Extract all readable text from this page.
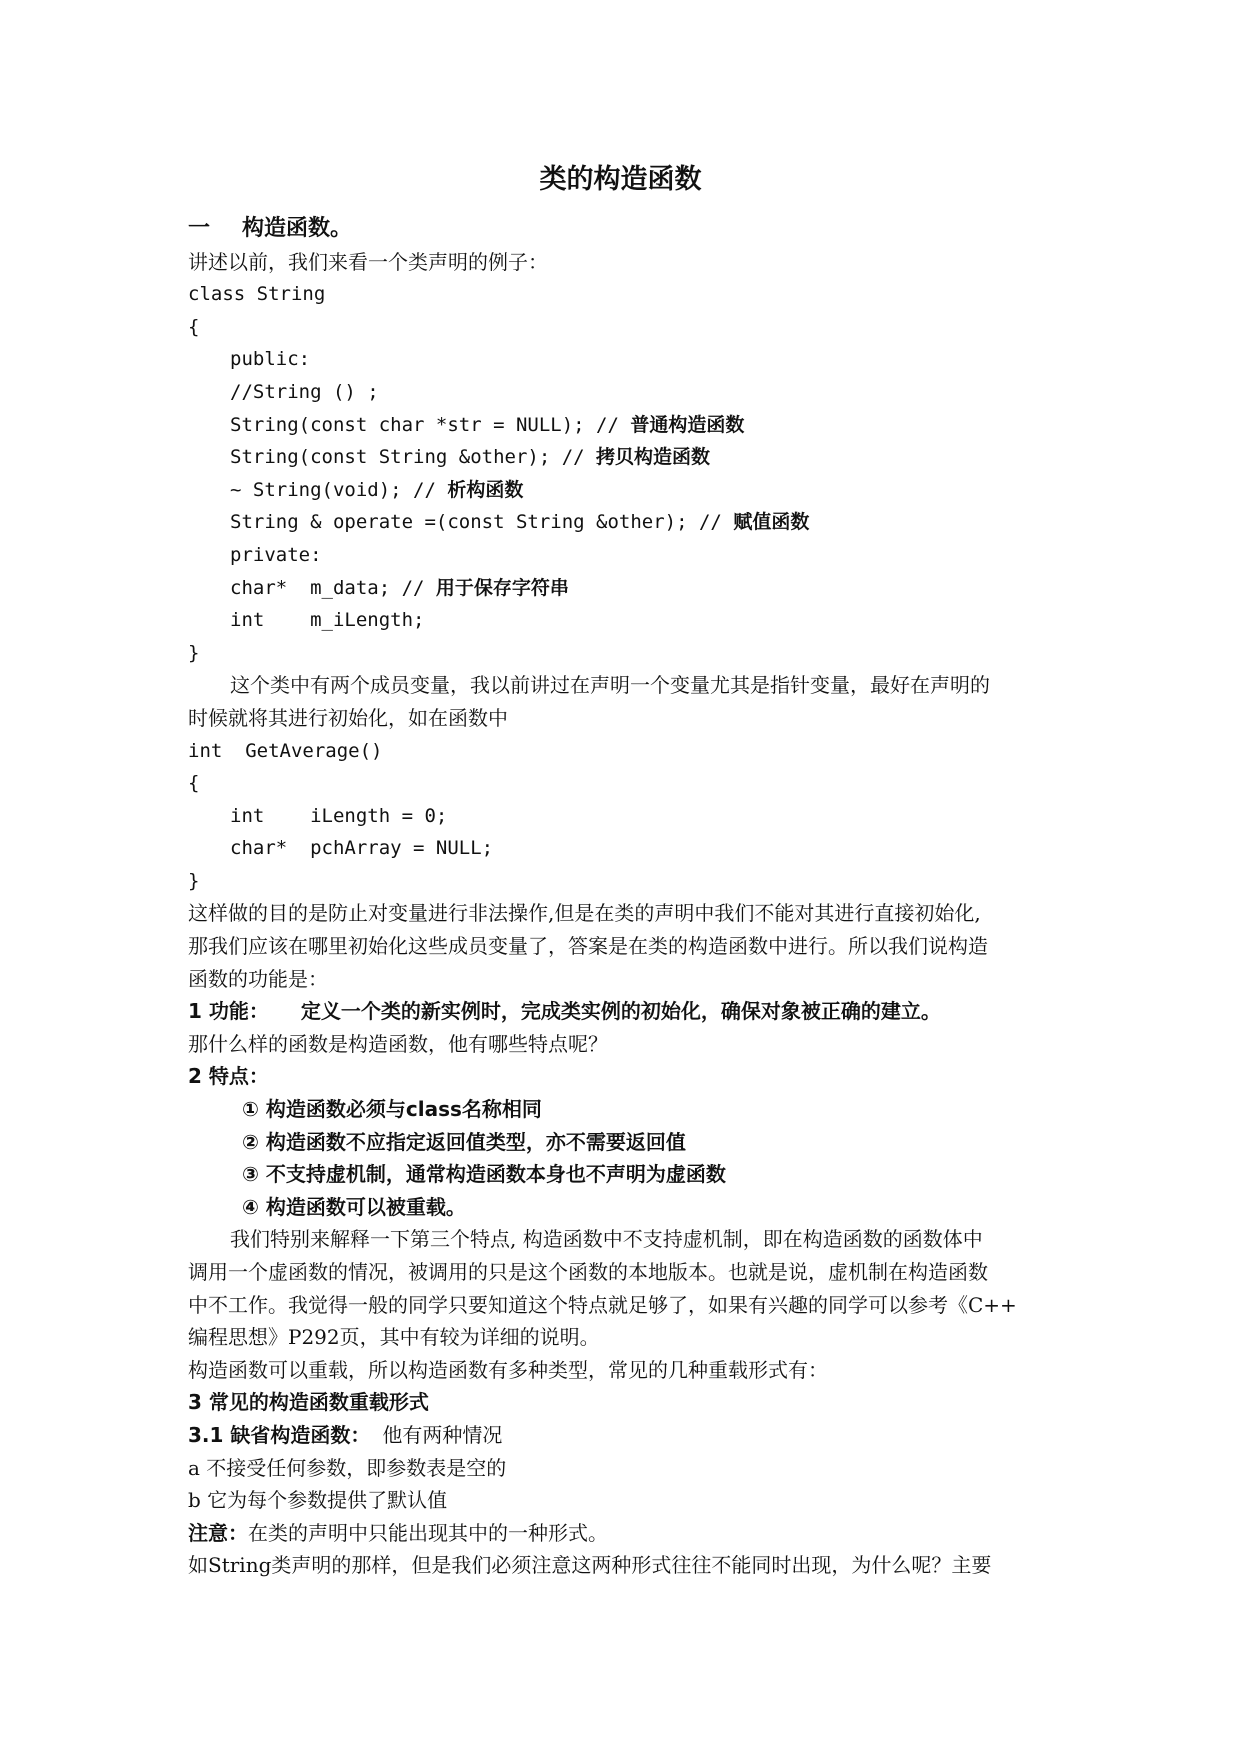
类的构造函数
一 构造函数。
讲述以前，我们来看一个类声明的例子：
class String
{
public:
//String () ;
String(const char *str = NULL); // 普通构造函数
String(const String &other); // 拷贝构造函数
~ String(void); // 析构函数
String & operate =(const String &other); // 赋值函数
private:
char*  m_data; // 用于保存字符串
int    m_iLength;
}
这个类中有两个成员变量，我以前讲过在声明一个变量尤其是指针变量，最好在声明的
时候就将其进行初始化，如在函数中
int  GetAverage()
{
int    iLength = 0;
char*  pchArray = NULL;
}
这样做的目的是防止对变量进行非法操作,但是在类的声明中我们不能对其进行直接初始化,
那我们应该在哪里初始化这些成员变量了，答案是在类的构造函数中进行。所以我们说构造
函数的功能是：
1 功能： 定义一个类的新实例时，完成类实例的初始化，确保对象被正确的建立。
那什么样的函数是构造函数，他有哪些特点呢？
2 特点：
① 构造函数必须与class名称相同
② 构造函数不应指定返回值类型，亦不需要返回值
③ 不支持虚机制，通常构造函数本身也不声明为虚函数
④ 构造函数可以被重载。
我们特别来解释一下第三个特点, 构造函数中不支持虚机制，即在构造函数的函数体中
调用一个虚函数的情况，被调用的只是这个函数的本地版本。也就是说，虚机制在构造函数
中不工作。我觉得一般的同学只要知道这个特点就足够了，如果有兴趣的同学可以参考《C++
编程思想》P292页，其中有较为详细的说明。
构造函数可以重载，所以构造函数有多种类型，常见的几种重载形式有：
3 常见的构造函数重载形式
3.1 缺省构造函数： 他有两种情况
a 不接受任何参数，即参数表是空的
b 它为每个参数提供了默认值
注意：在类的声明中只能出现其中的一种形式。
如String类声明的那样，但是我们必须注意这两种形式往往不能同时出现，为什么呢？主要
